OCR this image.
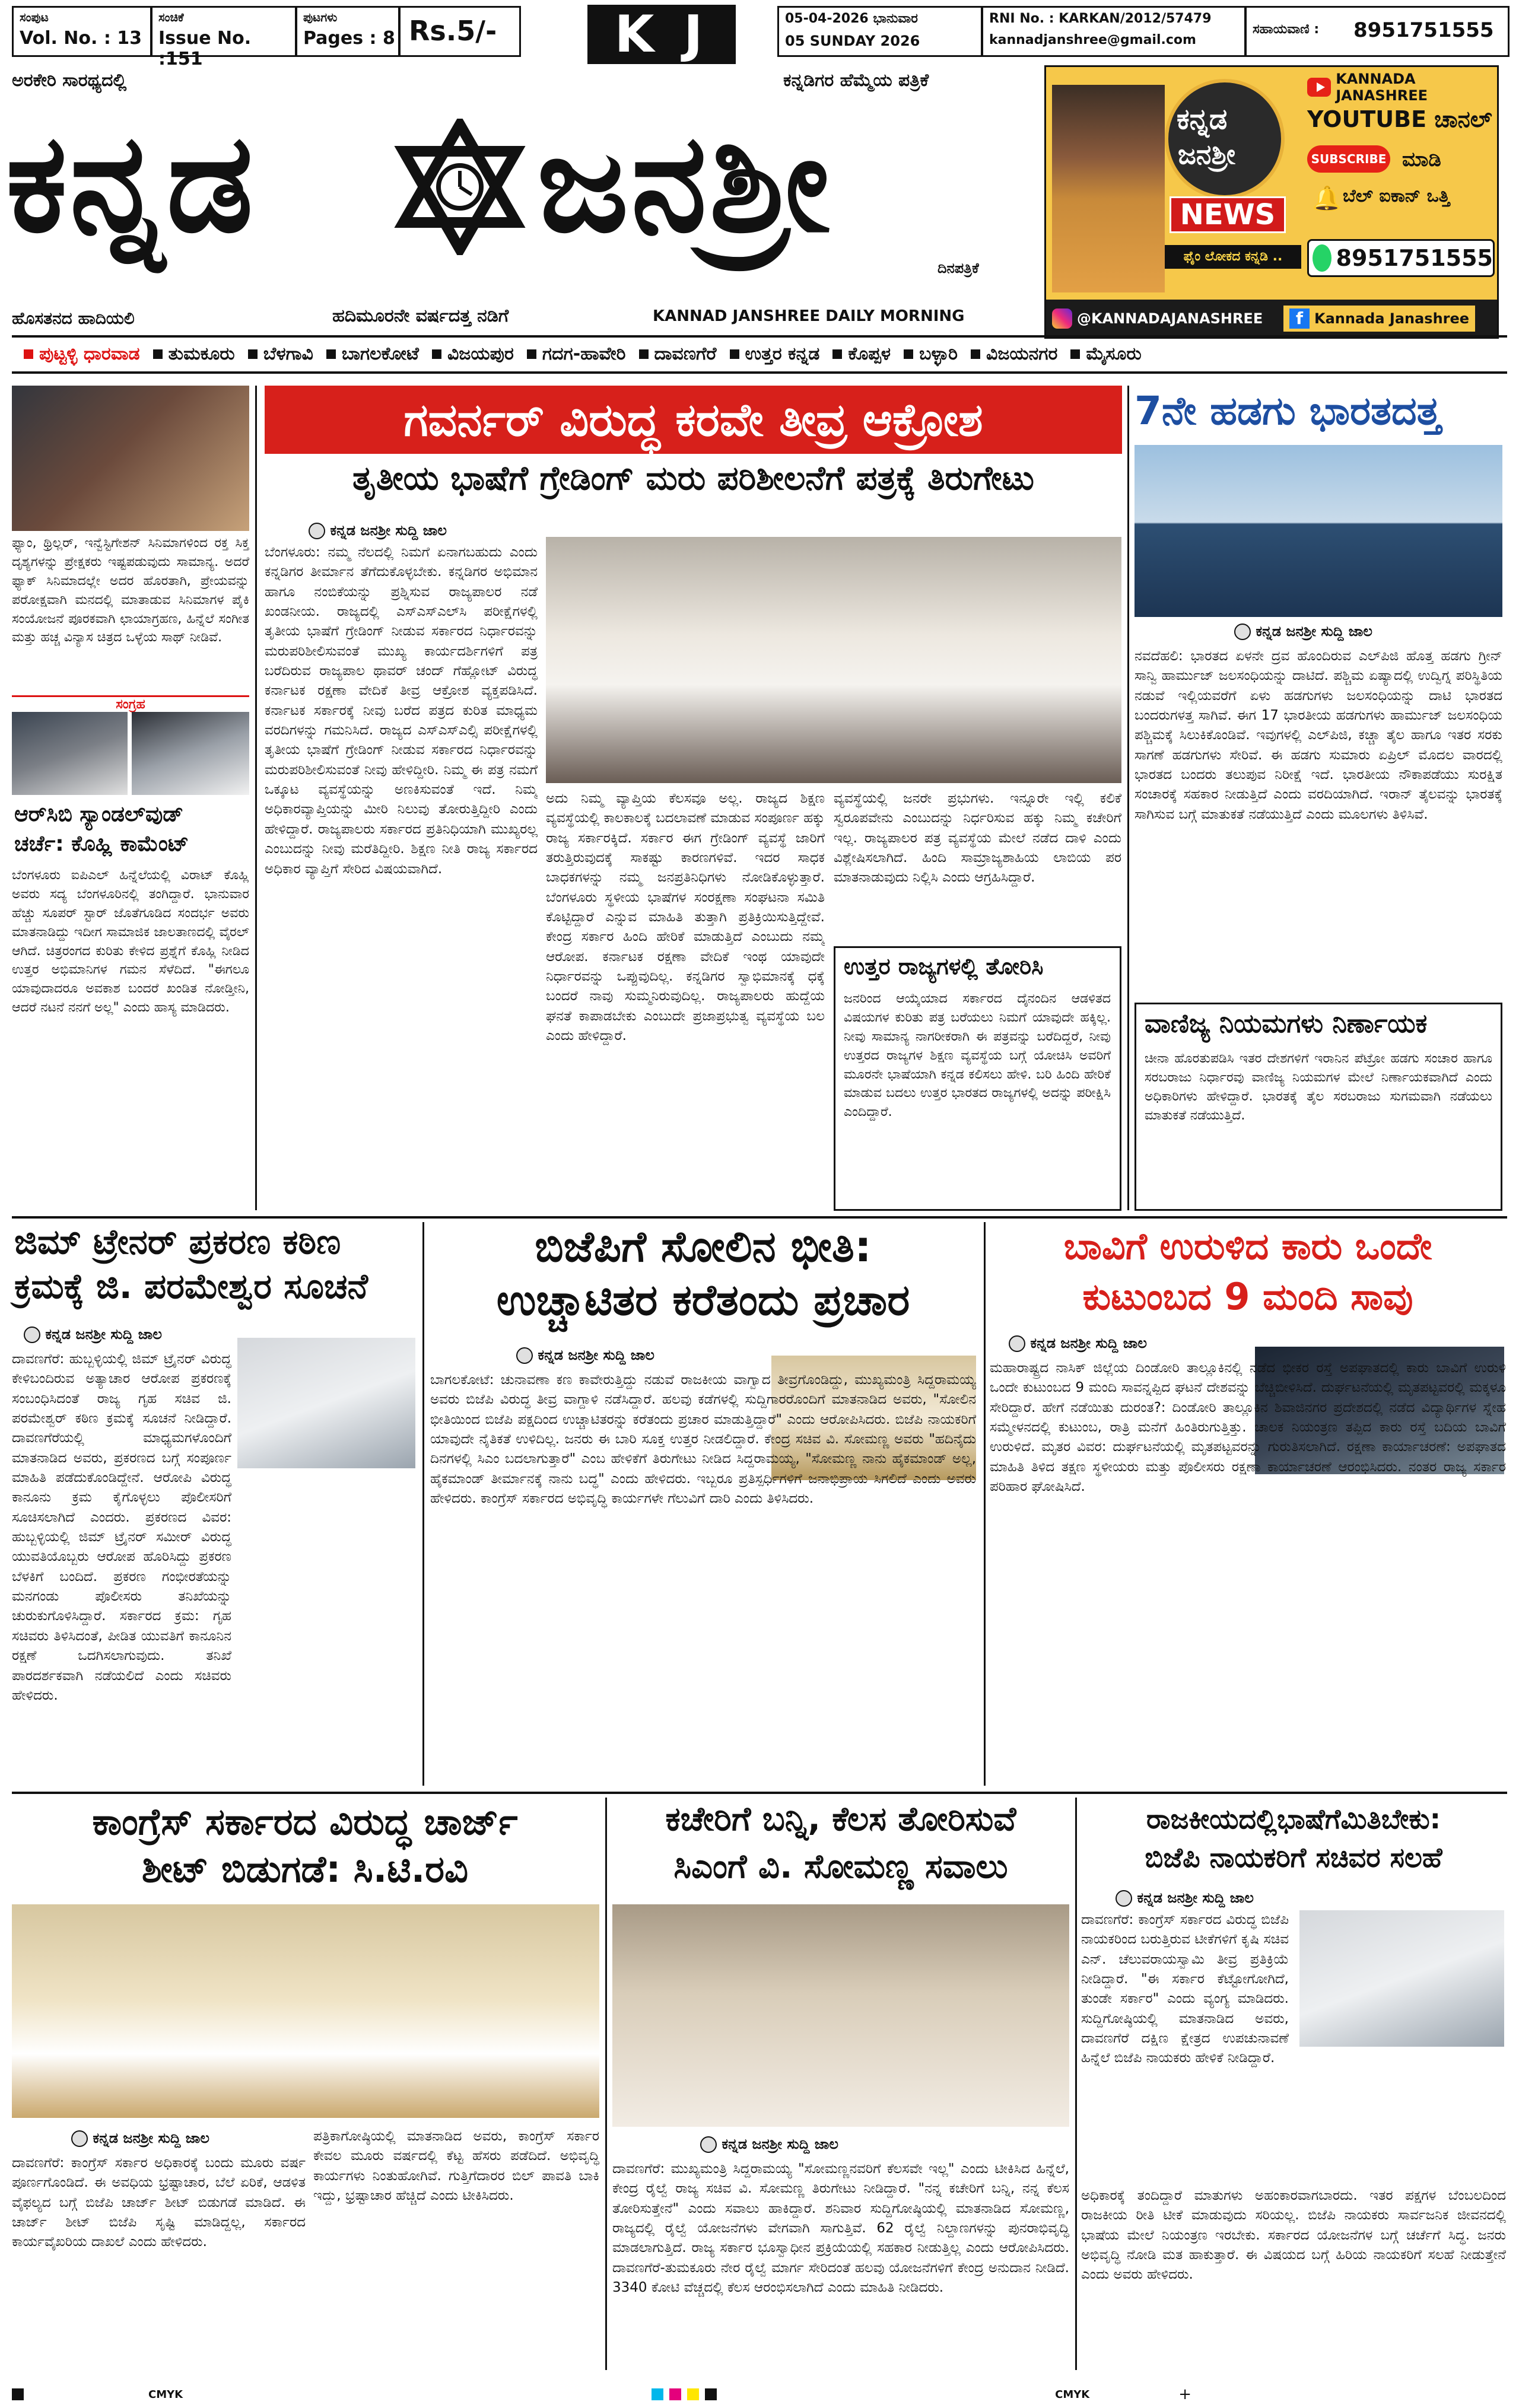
ಸಂಪುಟ
Vol. No. : 13
ಸಂಚಿಕೆ
Issue No. :151
ಪುಟಗಳು
Pages : 8 Rs.5/-	K J	05-04-2026 ಭಾನುವಾರ
05 SUNDAY 2026
RNI No. : KARKAN/2012/57479
kannadjanshree@gmail.com
ಸಹಾಯವಾಣಿ : 8951751555
ಅರಕೇರಿ ಸಾರಥ್ಯದಲ್ಲಿ	ಕನ್ನಡಿಗರ ಹೆಮ್ಮೆಯ ಪತ್ರಿಕೆ
ಕನ್ನಡ ಜನಶ್ರೀ
ದಿನಪತ್ರಿಕೆ
ಹೊಸತನದ ಹಾದಿಯಲಿ	ಹದಿಮೂರನೇ ವರ್ಷದತ್ತ ನಡಿಗೆ	KANNAD JANSHREE DAILY MORNING
ಕನ್ನಡ
ಜನಶ್ರೀ
NEWS
ಫೈಂ ಲೋಕದ ಕನ್ನಡಿ ..
KANNADA JANASHREE
YOUTUBE ಚಾನಲ್
SUBSCRIBE ಮಾಡಿ
🔔 ಬೆಲ್ ಐಕಾನ್ ಒತ್ತಿ
8951751555
@KANNADAJANASHREE	f Kannada Janashree
ಪುಟ್ಟಳ್ಳಿ ಧಾರವಾಡ	ತುಮಕೂರು	ಬೆಳಗಾವಿ	ಬಾಗಲಕೋಟೆ	ವಿಜಯಪುರ	ಗದಗ-ಹಾವೇರಿ	ದಾವಣಗೆರೆ	ಉತ್ತರ ಕನ್ನಡ	ಕೊಪ್ಪಳ	ಬಳ್ಳಾರಿ	ವಿಜಯನಗರ	ಮೈಸೂರು
ಫ್ಯಾಂ, ಥ್ರಿಲ್ಲರ್, ಇನ್ವೆಸ್ಟಿಗೇಶನ್ ಸಿನಿಮಾಗಳಿಂದ ರಕ್ತ ಸಿಕ್ತ ದೃಶ್ಯಗಳನ್ನು ಪ್ರೇಕ್ಷಕರು ಇಷ್ಟಪಡುವುದು ಸಾಮಾನ್ಯ. ಅದರೆ ಫ್ಯಾಕ್ ಸಿನಿಮಾದಲ್ಲೇ ಅದರ ಹೊರತಾಗಿ, ಪ್ರೇಯವನ್ನು ಪರೋಕ್ಷವಾಗಿ ಮನದಲ್ಲಿ ಮಾತಾಡುವ ಸಿನಿಮಾಗಳ ಪೈಕಿ ಸಂಯೋಜನೆ ಪೂರಕವಾಗಿ ಛಾಯಾಗ್ರಹಣ, ಹಿನ್ನೆಲೆ ಸಂಗೀತ ಮತ್ತು ಹಚ್ಚ ವಿನ್ಯಾಸ ಚಿತ್ರದ ಒಳ್ಳೆಯ ಸಾಥ್ ನೀಡಿವೆ.
ಸಂಗ್ರಹ
ಆರ್‌ಸಿಬಿ ಸ್ಯಾಂಡಲ್‌ವುಡ್
ಚರ್ಚೆ: ಕೊಹ್ಲಿ ಕಾಮೆಂಟ್
ಬೆಂಗಳೂರು ಐಪಿಎಲ್ ಹಿನ್ನೆಲೆಯಲ್ಲಿ ವಿರಾಟ್ ಕೊಹ್ಲಿ ಅವರು ಸದ್ಯ ಬೆಂಗಳೂರಿನಲ್ಲಿ ತಂಗಿದ್ದಾರೆ. ಭಾನುವಾರ ಹೆಚ್ಚು ಸೂಪರ್ ಸ್ಟಾರ್ ಜೊತೆಗೂಡಿದ ಸಂದರ್ಭ ಅವರು ಮಾತನಾಡಿದ್ದು ಇದೀಗ ಸಾಮಾಜಿಕ ಜಾಲತಾಣದಲ್ಲಿ ವೈರಲ್ ಆಗಿದೆ. ಚಿತ್ರರಂಗದ ಕುರಿತು ಕೇಳಿದ ಪ್ರಶ್ನೆಗೆ ಕೊಹ್ಲಿ ನೀಡಿದ ಉತ್ತರ ಅಭಿಮಾನಿಗಳ ಗಮನ ಸೆಳೆದಿದೆ. "ಈಗಲೂ ಯಾವುದಾದರೂ ಅವಕಾಶ ಬಂದರೆ ಖಂಡಿತ ನೋಡ್ತೀನಿ, ಆದರೆ ನಟನೆ ನನಗೆ ಅಲ್ಲ" ಎಂದು ಹಾಸ್ಯ ಮಾಡಿದರು.
ಗವರ್ನರ್ ವಿರುದ್ಧ ಕರವೇ ತೀವ್ರ ಆಕ್ರೋಶ
ತೃತೀಯ ಭಾಷೆಗೆ ಗ್ರೇಡಿಂಗ್ ಮರು ಪರಿಶೀಲನೆಗೆ ಪತ್ರಕ್ಕೆ ತಿರುಗೇಟು
ಕನ್ನಡ ಜನಶ್ರೀ ಸುದ್ದಿ ಜಾಲ
ಬೆಂಗಳೂರು: ನಮ್ಮ ನೆಲದಲ್ಲಿ ನಿಮಗೆ ಏನಾಗಬಹುದು ಎಂದು ಕನ್ನಡಿಗರ ತೀರ್ಮಾನ ತೆಗೆದುಕೊಳ್ಳಬೇಕು. ಕನ್ನಡಿಗರ ಅಭಿಮಾನ ಹಾಗೂ ನಂಬಿಕೆಯನ್ನು ಪ್ರಶ್ನಿಸುವ ರಾಜ್ಯಪಾಲರ ನಡೆ ಖಂಡನೀಯ. ರಾಜ್ಯದಲ್ಲಿ ಎಸ್‌ಎಸ್‌ಎಲ್‌ಸಿ ಪರೀಕ್ಷೆಗಳಲ್ಲಿ ತೃತೀಯ ಭಾಷೆಗೆ ಗ್ರೇಡಿಂಗ್ ನೀಡುವ ಸರ್ಕಾರದ ನಿರ್ಧಾರವನ್ನು ಮರುಪರಿಶೀಲಿಸುವಂತೆ ಮುಖ್ಯ ಕಾರ್ಯದರ್ಶಿಗಳಿಗೆ ಪತ್ರ ಬರೆದಿರುವ ರಾಜ್ಯಪಾಲ ಥಾವರ್ ಚಂದ್ ಗೆಹ್ಲೋಟ್ ವಿರುದ್ಧ ಕರ್ನಾಟಕ ರಕ್ಷಣಾ ವೇದಿಕೆ ತೀವ್ರ ಆಕ್ರೋಶ ವ್ಯಕ್ತಪಡಿಸಿದೆ. ಕರ್ನಾಟಕ ಸರ್ಕಾರಕ್ಕೆ ನೀವು ಬರೆದ ಪತ್ರದ ಕುರಿತ ಮಾಧ್ಯಮ ವರದಿಗಳನ್ನು ಗಮನಿಸಿದೆ. ರಾಜ್ಯದ ಎಸ್ಎಸ್ಎಲ್ಸಿ ಪರೀಕ್ಷೆಗಳಲ್ಲಿ ತೃತೀಯ ಭಾಷೆಗೆ ಗ್ರೇಡಿಂಗ್ ನೀಡುವ ಸರ್ಕಾರದ ನಿರ್ಧಾರವನ್ನು ಮರುಪರಿಶೀಲಿಸುವಂತೆ ನೀವು ಹೇಳಿದ್ದೀರಿ. ನಿಮ್ಮ ಈ ಪತ್ರ ನಮಗೆ ಒಕ್ಕೂಟ ವ್ಯವಸ್ಥೆಯನ್ನು ಅಣಕಿಸುವಂತೆ ಇದೆ. ನಿಮ್ಮ ಅಧಿಕಾರವ್ಯಾಪ್ತಿಯನ್ನು ಮೀರಿ ನಿಲುವು ತೋರುತ್ತಿದ್ದೀರಿ ಎಂದು ಹೇಳಿದ್ದಾರೆ. ರಾಜ್ಯಪಾಲರು ಸರ್ಕಾರದ ಪ್ರತಿನಿಧಿಯಾಗಿ ಮುಖ್ಯರಲ್ಲ ಎಂಬುದನ್ನು ನೀವು ಮರೆತಿದ್ದೀರಿ. ಶಿಕ್ಷಣ ನೀತಿ ರಾಜ್ಯ ಸರ್ಕಾರದ ಅಧಿಕಾರ ವ್ಯಾಪ್ತಿಗೆ ಸೇರಿದ ವಿಷಯವಾಗಿದೆ.
ಅದು ನಿಮ್ಮ ವ್ಯಾಪ್ತಿಯ ಕೆಲಸವೂ ಅಲ್ಲ. ರಾಜ್ಯದ ಶಿಕ್ಷಣ ವ್ಯವಸ್ಥೆಯಲ್ಲಿ ಕಾಲಕಾಲಕ್ಕೆ ಬದಲಾವಣೆ ಮಾಡುವ ಸಂಪೂರ್ಣ ಹಕ್ಕು ರಾಜ್ಯ ಸರ್ಕಾರಕ್ಕಿದೆ. ಸರ್ಕಾರ ಈಗ ಗ್ರೇಡಿಂಗ್ ವ್ಯವಸ್ಥೆ ಜಾರಿಗೆ ತರುತ್ತಿರುವುದಕ್ಕೆ ಸಾಕಷ್ಟು ಕಾರಣಗಳಿವೆ. ಇದರ ಸಾಧಕ ಬಾಧಕಗಳನ್ನು ನಮ್ಮ ಜನಪ್ರತಿನಿಧಿಗಳು ನೋಡಿಕೊಳ್ಳುತ್ತಾರೆ. ಬೆಂಗಳೂರು ಸ್ಥಳೀಯ ಭಾಷೆಗಳ ಸಂರಕ್ಷಣಾ ಸಂಘಟನಾ ಸಮಿತಿ ಕೊಟ್ಟಿದ್ದಾರೆ ಎನ್ನುವ ಮಾಹಿತಿ ತುತ್ತಾಗಿ ಪ್ರತಿಕ್ರಿಯಿಸುತ್ತಿದ್ದೇವೆ. ಕೇಂದ್ರ ಸರ್ಕಾರ ಹಿಂದಿ ಹೇರಿಕೆ ಮಾಡುತ್ತಿದೆ ಎಂಬುದು ನಮ್ಮ ಆರೋಪ. ಕರ್ನಾಟಕ ರಕ್ಷಣಾ ವೇದಿಕೆ ಇಂಥ ಯಾವುದೇ ನಿರ್ಧಾರವನ್ನು ಒಪ್ಪುವುದಿಲ್ಲ. ಕನ್ನಡಿಗರ ಸ್ವಾಭಿಮಾನಕ್ಕೆ ಧಕ್ಕೆ ಬಂದರೆ ನಾವು ಸುಮ್ಮನಿರುವುದಿಲ್ಲ. ರಾಜ್ಯಪಾಲರು ಹುದ್ದೆಯ ಘನತೆ ಕಾಪಾಡಬೇಕು ಎಂಬುದೇ ಪ್ರಜಾಪ್ರಭುತ್ವ ವ್ಯವಸ್ಥೆಯ ಬಲ ಎಂದು ಹೇಳಿದ್ದಾರೆ.
ವ್ಯವಸ್ಥೆಯಲ್ಲಿ ಜನರೇ ಪ್ರಭುಗಳು. ಇನ್ನೂರೇ ಇಲ್ಲಿ ಕಲಿಕೆ ಸ್ವರೂಪವೇನು ಎಂಬುದನ್ನು ನಿರ್ಧರಿಸುವ ಹಕ್ಕು ನಿಮ್ಮ ಕಚೇರಿಗೆ ಇಲ್ಲ. ರಾಜ್ಯಪಾಲರ ಪತ್ರ ವ್ಯವಸ್ಥೆಯ ಮೇಲೆ ನಡೆದ ದಾಳಿ ಎಂದು ವಿಶ್ಲೇಷಿಸಲಾಗಿದೆ. ಹಿಂದಿ ಸಾಮ್ರಾಜ್ಯಶಾಹಿಯ ಲಾಬಿಯ ಪರ ಮಾತನಾಡುವುದು ನಿಲ್ಲಿಸಿ ಎಂದು ಆಗ್ರಹಿಸಿದ್ದಾರೆ.
ಉತ್ತರ ರಾಜ್ಯಗಳಲ್ಲಿ ತೋರಿಸಿ
ಜನರಿಂದ ಆಯ್ಕೆಯಾದ ಸರ್ಕಾರದ ದೈನಂದಿನ ಆಡಳಿತದ ವಿಷಯಗಳ ಕುರಿತು ಪತ್ರ ಬರೆಯಲು ನಿಮಗೆ ಯಾವುದೇ ಹಕ್ಕಿಲ್ಲ. ನೀವು ಸಾಮಾನ್ಯ ನಾಗರೀಕರಾಗಿ ಈ ಪತ್ರವನ್ನು ಬರೆದಿದ್ದರೆ, ನೀವು ಉತ್ತರದ ರಾಜ್ಯಗಳ ಶಿಕ್ಷಣ ವ್ಯವಸ್ಥೆಯ ಬಗ್ಗೆ ಯೋಚಿಸಿ ಅವರಿಗೆ ಮೂರನೇ ಭಾಷೆಯಾಗಿ ಕನ್ನಡ ಕಲಿಸಲು ಹೇಳಿ. ಬರಿ ಹಿಂದಿ ಹೇರಿಕೆ ಮಾಡುವ ಬದಲು ಉತ್ತರ ಭಾರತದ ರಾಜ್ಯಗಳಲ್ಲಿ ಅದನ್ನು ಪರೀಕ್ಷಿಸಿ ಎಂದಿದ್ದಾರೆ.
7ನೇ ಹಡಗು ಭಾರತದತ್ತ
ಕನ್ನಡ ಜನಶ್ರೀ ಸುದ್ದಿ ಜಾಲ
ನವದೆಹಲಿ: ಭಾರತದ ಏಳನೇ ದ್ರವ ಹೊಂದಿರುವ ಎಲ್‌ಪಿಜಿ ಹೊತ್ತ ಹಡಗು ಗ್ರೀನ್ ಸಾನ್ವಿ ಹಾರ್ಮುಜ್ ಜಲಸಂಧಿಯನ್ನು ದಾಟಿದೆ. ಪಶ್ಚಿಮ ಏಷ್ಯಾದಲ್ಲಿ ಉದ್ವಿಗ್ನ ಪರಿಸ್ಥಿತಿಯ ನಡುವೆ ಇಲ್ಲಿಯವರೆಗೆ ಏಳು ಹಡಗುಗಳು ಜಲಸಂಧಿಯನ್ನು ದಾಟಿ ಭಾರತದ ಬಂದರುಗಳತ್ತ ಸಾಗಿವೆ. ಈಗ 17 ಭಾರತೀಯ ಹಡಗುಗಳು ಹಾರ್ಮುಜ್ ಜಲಸಂಧಿಯ ಪಶ್ಚಿಮಕ್ಕೆ ಸಿಲುಕಿಕೊಂಡಿವೆ. ಇವುಗಳಲ್ಲಿ ಎಲ್‌ಪಿಜಿ, ಕಚ್ಚಾ ತೈಲ ಹಾಗೂ ಇತರ ಸರಕು ಸಾಗಣೆ ಹಡಗುಗಳು ಸೇರಿವೆ. ಈ ಹಡಗು ಸುಮಾರು ಏಪ್ರಿಲ್ ಮೊದಲ ವಾರದಲ್ಲಿ ಭಾರತದ ಬಂದರು ತಲುಪುವ ನಿರೀಕ್ಷೆ ಇದೆ. ಭಾರತೀಯ ನೌಕಾಪಡೆಯು ಸುರಕ್ಷಿತ ಸಂಚಾರಕ್ಕೆ ಸಹಕಾರ ನೀಡುತ್ತಿದೆ ಎಂದು ವರದಿಯಾಗಿದೆ. ಇರಾನ್ ತೈಲವನ್ನು ಭಾರತಕ್ಕೆ ಸಾಗಿಸುವ ಬಗ್ಗೆ ಮಾತುಕತೆ ನಡೆಯುತ್ತಿದೆ ಎಂದು ಮೂಲಗಳು ತಿಳಿಸಿವೆ.
ವಾಣಿಜ್ಯ ನಿಯಮಗಳು ನಿರ್ಣಾಯಕ
ಚೀನಾ ಹೊರತುಪಡಿಸಿ ಇತರ ದೇಶಗಳಿಗೆ ಇರಾನಿನ ಪೆಟ್ರೋ ಹಡಗು ಸಂಚಾರ ಹಾಗೂ ಸರಬರಾಜು ನಿರ್ಧಾರವು ವಾಣಿಜ್ಯ ನಿಯಮಗಳ ಮೇಲೆ ನಿರ್ಣಾಯಕವಾಗಿದೆ ಎಂದು ಅಧಿಕಾರಿಗಳು ಹೇಳಿದ್ದಾರೆ. ಭಾರತಕ್ಕೆ ತೈಲ ಸರಬರಾಜು ಸುಗಮವಾಗಿ ನಡೆಯಲು ಮಾತುಕತೆ ನಡೆಯುತ್ತಿದೆ.
ಜಿಮ್ ಟ್ರೇನರ್ ಪ್ರಕರಣ ಕಠಿಣ
ಕ್ರಮಕ್ಕೆ ಜಿ. ಪರಮೇಶ್ವರ ಸೂಚನೆ
ಕನ್ನಡ ಜನಶ್ರೀ ಸುದ್ದಿ ಜಾಲ
ದಾವಣಗೆರೆ: ಹುಬ್ಬಳ್ಳಿಯಲ್ಲಿ ಜಿಮ್ ಟ್ರೈನರ್ ವಿರುದ್ಧ ಕೇಳಿಬಂದಿರುವ ಅತ್ಯಾಚಾರ ಆರೋಪ ಪ್ರಕರಣಕ್ಕೆ ಸಂಬಂಧಿಸಿದಂತೆ ರಾಜ್ಯ ಗೃಹ ಸಚಿವ ಜಿ. ಪರಮೇಶ್ವರ್ ಕಠಿಣ ಕ್ರಮಕ್ಕೆ ಸೂಚನೆ ನೀಡಿದ್ದಾರೆ. ದಾವಣಗೆರೆಯಲ್ಲಿ ಮಾಧ್ಯಮಗಳೊಂದಿಗೆ ಮಾತನಾಡಿದ ಅವರು, ಪ್ರಕರಣದ ಬಗ್ಗೆ ಸಂಪೂರ್ಣ ಮಾಹಿತಿ ಪಡೆದುಕೊಂಡಿದ್ದೇನೆ. ಆರೋಪಿ ವಿರುದ್ಧ ಕಾನೂನು ಕ್ರಮ ಕೈಗೊಳ್ಳಲು ಪೊಲೀಸರಿಗೆ ಸೂಚಿಸಲಾಗಿದೆ ಎಂದರು. ಪ್ರಕರಣದ ವಿವರ: ಹುಬ್ಬಳ್ಳಿಯಲ್ಲಿ ಜಿಮ್ ಟ್ರೈನರ್ ಸಮೀರ್ ವಿರುದ್ಧ ಯುವತಿಯೊಬ್ಬರು ಆರೋಪ ಹೊರಿಸಿದ್ದು ಪ್ರಕರಣ ಬೆಳಕಿಗೆ ಬಂದಿದೆ. ಪ್ರಕರಣ ಗಂಭೀರತೆಯನ್ನು ಮನಗಂಡು ಪೊಲೀಸರು ತನಿಖೆಯನ್ನು ಚುರುಕುಗೊಳಿಸಿದ್ದಾರೆ. ಸರ್ಕಾರದ ಕ್ರಮ: ಗೃಹ ಸಚಿವರು ತಿಳಿಸಿದಂತೆ, ಪೀಡಿತ ಯುವತಿಗೆ ಕಾನೂನಿನ ರಕ್ಷಣೆ ಒದಗಿಸಲಾಗುವುದು. ತನಿಖೆ ಪಾರದರ್ಶಕವಾಗಿ ನಡೆಯಲಿದೆ ಎಂದು ಸಚಿವರು ಹೇಳಿದರು.
ಬಿಜೆಪಿಗೆ ಸೋಲಿನ ಭೀತಿ:
ಉಚ್ಚಾಟಿತರ ಕರೆತಂದು ಪ್ರಚಾರ
ಕನ್ನಡ ಜನಶ್ರೀ ಸುದ್ದಿ ಜಾಲ
ಬಾಗಲಕೋಟೆ: ಚುನಾವಣಾ ಕಣ ಕಾವೇರುತ್ತಿದ್ದು ನಡುವೆ ರಾಜಕೀಯ ವಾಗ್ವಾದ ತೀವ್ರಗೊಂಡಿದ್ದು, ಮುಖ್ಯಮಂತ್ರಿ ಸಿದ್ದರಾಮಯ್ಯ ಅವರು ಬಿಜೆಪಿ ವಿರುದ್ಧ ತೀವ್ರ ವಾಗ್ದಾಳಿ ನಡೆಸಿದ್ದಾರೆ. ಹಲವು ಕಡೆಗಳಲ್ಲಿ ಸುದ್ದಿಗಾರರೊಂದಿಗೆ ಮಾತನಾಡಿದ ಅವರು, "ಸೋಲಿನ ಭೀತಿಯಿಂದ ಬಿಜೆಪಿ ಪಕ್ಷದಿಂದ ಉಚ್ಚಾಟಿತರನ್ನು ಕರೆತಂದು ಪ್ರಚಾರ ಮಾಡುತ್ತಿದ್ದಾರೆ" ಎಂದು ಆರೋಪಿಸಿದರು. ಬಿಜೆಪಿ ನಾಯಕರಿಗೆ ಯಾವುದೇ ನೈತಿಕತೆ ಉಳಿದಿಲ್ಲ. ಜನರು ಈ ಬಾರಿ ಸೂಕ್ತ ಉತ್ತರ ನೀಡಲಿದ್ದಾರೆ. ಕೇಂದ್ರ ಸಚಿವ ವಿ. ಸೋಮಣ್ಣ ಅವರು "ಹದಿನೈದು ದಿನಗಳಲ್ಲಿ ಸಿಎಂ ಬದಲಾಗುತ್ತಾರೆ" ಎಂಬ ಹೇಳಿಕೆಗೆ ತಿರುಗೇಟು ನೀಡಿದ ಸಿದ್ದರಾಮಯ್ಯ, "ಸೋಮಣ್ಣ ನಾನು ಹೈಕಮಾಂಡ್ ಅಲ್ಲ, ಹೈಕಮಾಂಡ್ ತೀರ್ಮಾನಕ್ಕೆ ನಾನು ಬದ್ಧ" ಎಂದು ಹೇಳಿದರು. ಇಬ್ಬರೂ ಪ್ರತಿಸ್ಪರ್ಧಿಗಳಿಗೆ ಜನಾಭಿಪ್ರಾಯ ಸಿಗಲಿದೆ ಎಂದು ಅವರು ಹೇಳಿದರು. ಕಾಂಗ್ರೆಸ್ ಸರ್ಕಾರದ ಅಭಿವೃದ್ಧಿ ಕಾರ್ಯಗಳೇ ಗೆಲುವಿಗೆ ದಾರಿ ಎಂದು ತಿಳಿಸಿದರು.
ಬಾವಿಗೆ ಉರುಳಿದ ಕಾರು ಒಂದೇ
ಕುಟುಂಬದ 9 ಮಂದಿ ಸಾವು
ಕನ್ನಡ ಜನಶ್ರೀ ಸುದ್ದಿ ಜಾಲ
ಮಹಾರಾಷ್ಟ್ರದ ನಾಸಿಕ್ ಜಿಲ್ಲೆಯ ದಿಂಡೋರಿ ತಾಲ್ಲೂಕಿನಲ್ಲಿ ನಡೆದ ಭೀಕರ ರಸ್ತೆ ಅಪಘಾತದಲ್ಲಿ ಕಾರು ಬಾವಿಗೆ ಉರುಳಿ ಒಂದೇ ಕುಟುಂಬದ 9 ಮಂದಿ ಸಾವನ್ನಪ್ಪಿದ ಘಟನೆ ದೇಶವನ್ನು ಬೆಚ್ಚಿಬೀಳಿಸಿದೆ. ದುರ್ಘಟನೆಯಲ್ಲಿ ಮೃತಪಟ್ಟವರಲ್ಲಿ ಮಕ್ಕಳೂ ಸೇರಿದ್ದಾರೆ. ಹೇಗೆ ನಡೆಯಿತು ದುರಂತ?: ದಿಂಡೋರಿ ತಾಲ್ಲೂಕಿನ ಶಿವಾಜಿನಗರ ಪ್ರದೇಶದಲ್ಲಿ ನಡೆದ ವಿದ್ಯಾರ್ಥಿಗಳ ಸ್ನೇಹ ಸಮ್ಮೇಳನದಲ್ಲಿ ಕುಟುಂಬ, ರಾತ್ರಿ ಮನೆಗೆ ಹಿಂತಿರುಗುತ್ತಿತ್ತು. ಚಾಲಕ ನಿಯಂತ್ರಣ ತಪ್ಪಿದ ಕಾರು ರಸ್ತೆ ಬದಿಯ ಬಾವಿಗೆ ಉರುಳಿದೆ. ಮೃತರ ವಿವರ: ದುರ್ಘಟನೆಯಲ್ಲಿ ಮೃತಪಟ್ಟವರನ್ನು ಗುರುತಿಸಲಾಗಿದೆ. ರಕ್ಷಣಾ ಕಾರ್ಯಾಚರಣೆ: ಅಪಘಾತದ ಮಾಹಿತಿ ತಿಳಿದ ತಕ್ಷಣ ಸ್ಥಳೀಯರು ಮತ್ತು ಪೊಲೀಸರು ರಕ್ಷಣಾ ಕಾರ್ಯಾಚರಣೆ ಆರಂಭಿಸಿದರು. ನಂತರ ರಾಜ್ಯ ಸರ್ಕಾರ ಪರಿಹಾರ ಘೋಷಿಸಿದೆ.
ಕಾಂಗ್ರೆಸ್ ಸರ್ಕಾರದ ವಿರುದ್ಧ ಚಾರ್ಜ್
ಶೀಟ್ ಬಿಡುಗಡೆ: ಸಿ.ಟಿ.ರವಿ
ಕನ್ನಡ ಜನಶ್ರೀ ಸುದ್ದಿ ಜಾಲ
ದಾವಣಗೆರೆ: ಕಾಂಗ್ರೆಸ್ ಸರ್ಕಾರ ಅಧಿಕಾರಕ್ಕೆ ಬಂದು ಮೂರು ವರ್ಷ ಪೂರ್ಣಗೊಂಡಿದೆ. ಈ ಅವಧಿಯ ಭ್ರಷ್ಟಾಚಾರ, ಬೆಲೆ ಏರಿಕೆ, ಆಡಳಿತ ವೈಫಲ್ಯದ ಬಗ್ಗೆ ಬಿಜೆಪಿ ಚಾರ್ಜ್ ಶೀಟ್ ಬಿಡುಗಡೆ ಮಾಡಿದೆ. ಈ ಚಾರ್ಜ್ ಶೀಟ್ ಬಿಜೆಪಿ ಸೃಷ್ಟಿ ಮಾಡಿದ್ದಲ್ಲ, ಸರ್ಕಾರದ ಕಾರ್ಯವೈಖರಿಯ ದಾಖಲೆ ಎಂದು ಹೇಳಿದರು.
ಪತ್ರಿಕಾಗೋಷ್ಠಿಯಲ್ಲಿ ಮಾತನಾಡಿದ ಅವರು, ಕಾಂಗ್ರೆಸ್ ಸರ್ಕಾರ ಕೇವಲ ಮೂರು ವರ್ಷದಲ್ಲಿ ಕೆಟ್ಟ ಹೆಸರು ಪಡೆದಿದೆ. ಅಭಿವೃದ್ಧಿ ಕಾರ್ಯಗಳು ನಿಂತುಹೋಗಿವೆ. ಗುತ್ತಿಗೆದಾರರ ಬಿಲ್ ಪಾವತಿ ಬಾಕಿ ಇದ್ದು, ಭ್ರಷ್ಟಾಚಾರ ಹೆಚ್ಚಿದೆ ಎಂದು ಟೀಕಿಸಿದರು.
ಕಚೇರಿಗೆ ಬನ್ನಿ, ಕೆಲಸ ತೋರಿಸುವೆ
ಸಿಎಂಗೆ ವಿ. ಸೋಮಣ್ಣ ಸವಾಲು
ಕನ್ನಡ ಜನಶ್ರೀ ಸುದ್ದಿ ಜಾಲ
ದಾವಣಗೆರೆ: ಮುಖ್ಯಮಂತ್ರಿ ಸಿದ್ದರಾಮಯ್ಯ "ಸೋಮಣ್ಣನವರಿಗೆ ಕೆಲಸವೇ ಇಲ್ಲ" ಎಂದು ಟೀಕಿಸಿದ ಹಿನ್ನೆಲೆ, ಕೇಂದ್ರ ರೈಲ್ವೆ ರಾಜ್ಯ ಸಚಿವ ವಿ. ಸೋಮಣ್ಣ ತಿರುಗೇಟು ನೀಡಿದ್ದಾರೆ. "ನನ್ನ ಕಚೇರಿಗೆ ಬನ್ನಿ, ನನ್ನ ಕೆಲಸ ತೋರಿಸುತ್ತೇನೆ" ಎಂದು ಸವಾಲು ಹಾಕಿದ್ದಾರೆ. ಶನಿವಾರ ಸುದ್ದಿಗೋಷ್ಠಿಯಲ್ಲಿ ಮಾತನಾಡಿದ ಸೋಮಣ್ಣ, ರಾಜ್ಯದಲ್ಲಿ ರೈಲ್ವೆ ಯೋಜನೆಗಳು ವೇಗವಾಗಿ ಸಾಗುತ್ತಿವೆ. 62 ರೈಲ್ವೆ ನಿಲ್ದಾಣಗಳನ್ನು ಪುನರಾಭಿವೃದ್ಧಿ ಮಾಡಲಾಗುತ್ತಿದೆ. ರಾಜ್ಯ ಸರ್ಕಾರ ಭೂಸ್ವಾಧೀನ ಪ್ರಕ್ರಿಯೆಯಲ್ಲಿ ಸಹಕಾರ ನೀಡುತ್ತಿಲ್ಲ ಎಂದು ಆರೋಪಿಸಿದರು. ದಾವಣಗೆರೆ-ತುಮಕೂರು ನೇರ ರೈಲ್ವೆ ಮಾರ್ಗ ಸೇರಿದಂತೆ ಹಲವು ಯೋಜನೆಗಳಿಗೆ ಕೇಂದ್ರ ಅನುದಾನ ನೀಡಿದೆ. 3340 ಕೋಟಿ ವೆಚ್ಚದಲ್ಲಿ ಕೆಲಸ ಆರಂಭಿಸಲಾಗಿದೆ ಎಂದು ಮಾಹಿತಿ ನೀಡಿದರು.
ರಾಜಕೀಯದಲ್ಲಿಭಾಷೆಗೆಮಿತಿಬೇಕು:
ಬಿಜೆಪಿ ನಾಯಕರಿಗೆ ಸಚಿವರ ಸಲಹೆ
ಕನ್ನಡ ಜನಶ್ರೀ ಸುದ್ದಿ ಜಾಲ
ದಾವಣಗೆರೆ: ಕಾಂಗ್ರೆಸ್ ಸರ್ಕಾರದ ವಿರುದ್ಧ ಬಿಜೆಪಿ ನಾಯಕರಿಂದ ಬರುತ್ತಿರುವ ಟೀಕೆಗಳಿಗೆ ಕೃಷಿ ಸಚಿವ ಎನ್. ಚೆಲುವರಾಯಸ್ವಾಮಿ ತೀವ್ರ ಪ್ರತಿಕ್ರಿಯೆ ನೀಡಿದ್ದಾರೆ. "ಈ ಸರ್ಕಾರ ಕೆಟ್ಟೋಗೋಗಿದೆ, ತುಂಡೇ ಸರ್ಕಾರ" ಎಂದು ವ್ಯಂಗ್ಯ ಮಾಡಿದರು. ಸುದ್ದಿಗೋಷ್ಠಿಯಲ್ಲಿ ಮಾತನಾಡಿದ ಅವರು, ದಾವಣಗೆರೆ ದಕ್ಷಿಣ ಕ್ಷೇತ್ರದ ಉಪಚುನಾವಣೆ ಹಿನ್ನೆಲೆ ಬಿಜೆಪಿ ನಾಯಕರು ಹೇಳಿಕೆ ನೀಡಿದ್ದಾರೆ.
ಅಧಿಕಾರಕ್ಕೆ ತಂದಿದ್ದಾರೆ ಮಾತುಗಳು ಅಹಂಕಾರವಾಗಬಾರದು. ಇತರ ಪಕ್ಷಗಳ ಬೆಂಬಲದಿಂದ ರಾಜಕೀಯ ರೀತಿ ಟೀಕೆ ಮಾಡುವುದು ಸರಿಯಲ್ಲ. ಬಿಜೆಪಿ ನಾಯಕರು ಸಾರ್ವಜನಿಕ ಜೀವನದಲ್ಲಿ ಭಾಷೆಯ ಮೇಲೆ ನಿಯಂತ್ರಣ ಇರಬೇಕು. ಸರ್ಕಾರದ ಯೋಜನೆಗಳ ಬಗ್ಗೆ ಚರ್ಚೆಗೆ ಸಿದ್ಧ. ಜನರು ಅಭಿವೃದ್ಧಿ ನೋಡಿ ಮತ ಹಾಕುತ್ತಾರೆ. ಈ ವಿಷಯದ ಬಗ್ಗೆ ಹಿರಿಯ ನಾಯಕರಿಗೆ ಸಲಹೆ ನೀಡುತ್ತೇನೆ ಎಂದು ಅವರು ಹೇಳಿದರು.
CMYK	CMYK	+
